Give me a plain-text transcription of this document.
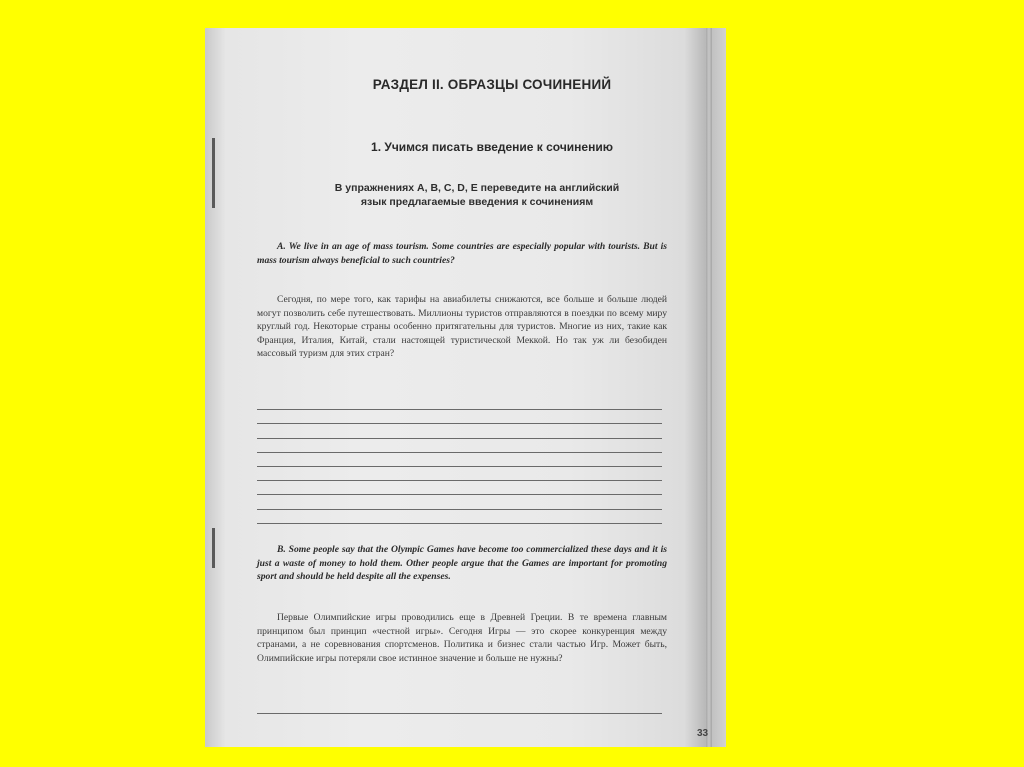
РАЗДЕЛ II. ОБРАЗЦЫ СОЧИНЕНИЙ
1. Учимся писать введение к сочинению
В упражнениях A, B, C, D, E переведите на английский язык предлагаемые введения к сочинениям
A. We live in an age of mass tourism. Some countries are especially popular with tourists. But is mass tourism always beneficial to such countries?
Сегодня, по мере того, как тарифы на авиабилеты снижаются, все больше и больше людей могут позволить себе путешествовать. Миллионы туристов отправляются в поездки по всему миру круглый год. Некоторые страны особенно притягательны для туристов. Многие из них, такие как Франция, Италия, Китай, стали настоящей туристической Меккой. Но так уж ли безобиден массовый туризм для этих стран?
B. Some people say that the Olympic Games have become too commercialized these days and it is just a waste of money to hold them. Other people argue that the Games are important for promoting sport and should be held despite all the expenses.
Первые Олимпийские игры проводились еще в Древней Греции. В те времена главным принципом был принцип «честной игры». Сегодня Игры — это скорее конкуренция между странами, а не соревнования спортсменов. Политика и бизнес стали частью Игр. Может быть, Олимпийские игры потеряли свое истинное значение и больше не нужны?
33
